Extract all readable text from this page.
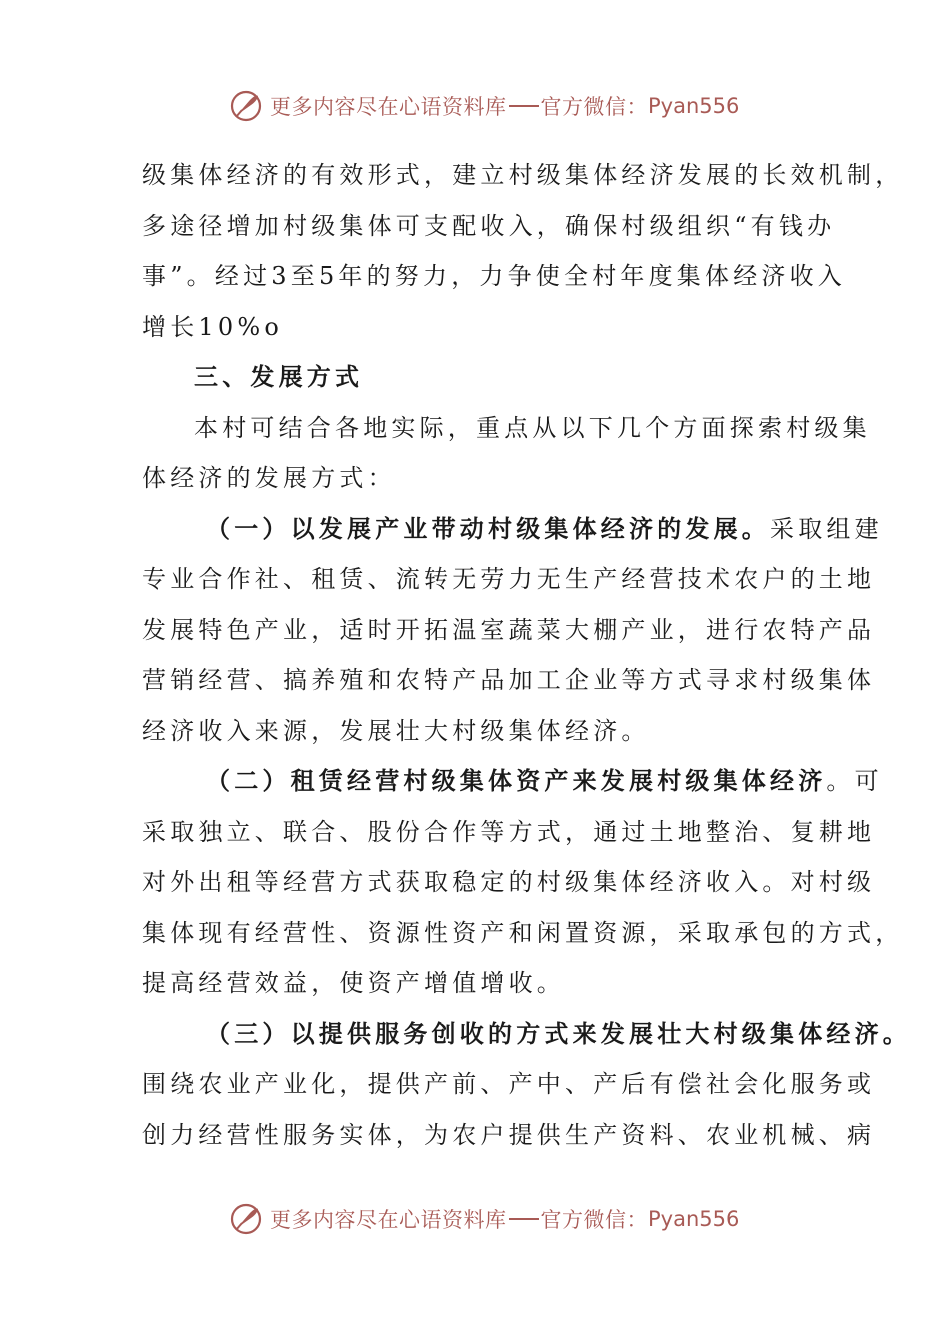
更多内容尽在心语资料库 官方微信： Pyan556
级集体经济的有效形式，建立村级集体经济发展的长效机制，
多途径增加村级集体可支配收入，确保村级组织“有钱办
事”。经过3至5年的努力，力争使全村年度集体经济收入
增长10%o
三、发展方式
本村可结合各地实际，重点从以下几个方面探索村级集
体经济的发展方式：
（一）以发展产业带动村级集体经济的发展。采取组建
专业合作社、租赁、流转无劳力无生产经营技术农户的土地
发展特色产业，适时开拓温室蔬菜大棚产业，进行农特产品
营销经营、搞养殖和农特产品加工企业等方式寻求村级集体
经济收入来源，发展壮大村级集体经济。
（二）租赁经营村级集体资产来发展村级集体经济。可
采取独立、联合、股份合作等方式，通过土地整治、复耕地
对外出租等经营方式获取稳定的村级集体经济收入。对村级
集体现有经营性、资源性资产和闲置资源，采取承包的方式，
提高经营效益，使资产增值增收。
（三）以提供服务创收的方式来发展壮大村级集体经济。
围绕农业产业化，提供产前、产中、产后有偿社会化服务或
创力经营性服务实体，为农户提供生产资料、农业机械、病
更多内容尽在心语资料库 官方微信： Pyan556
